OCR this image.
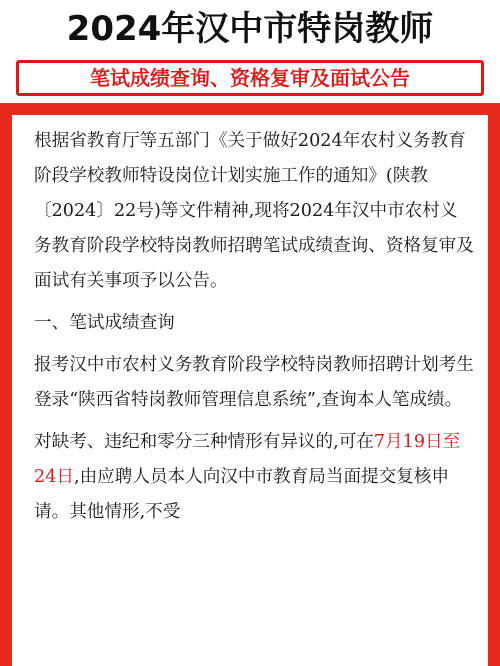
2024年汉中市特岗教师
笔试成绩查询、资格复审及面试公告

根据省教育厅等五部门《关于做好2024年农村义务教育阶段学校教师特设岗位计划实施工作的通知》(陕教〔2024〕22号)等文件精神,现将2024年汉中市农村义务教育阶段学校特岗教师招聘笔试成绩查询、资格复审及面试有关事项予以公告。

一、笔试成绩查询

报考汉中市农村义务教育阶段学校特岗教师招聘计划考生登录“陕西省特岗教师管理信息系统”,查询本人笔成绩。

对缺考、违纪和零分三种情形有异议的,可在7月19日至24日,由应聘人员本人向汉中市教育局当面提交复核申请。其他情形,不受
